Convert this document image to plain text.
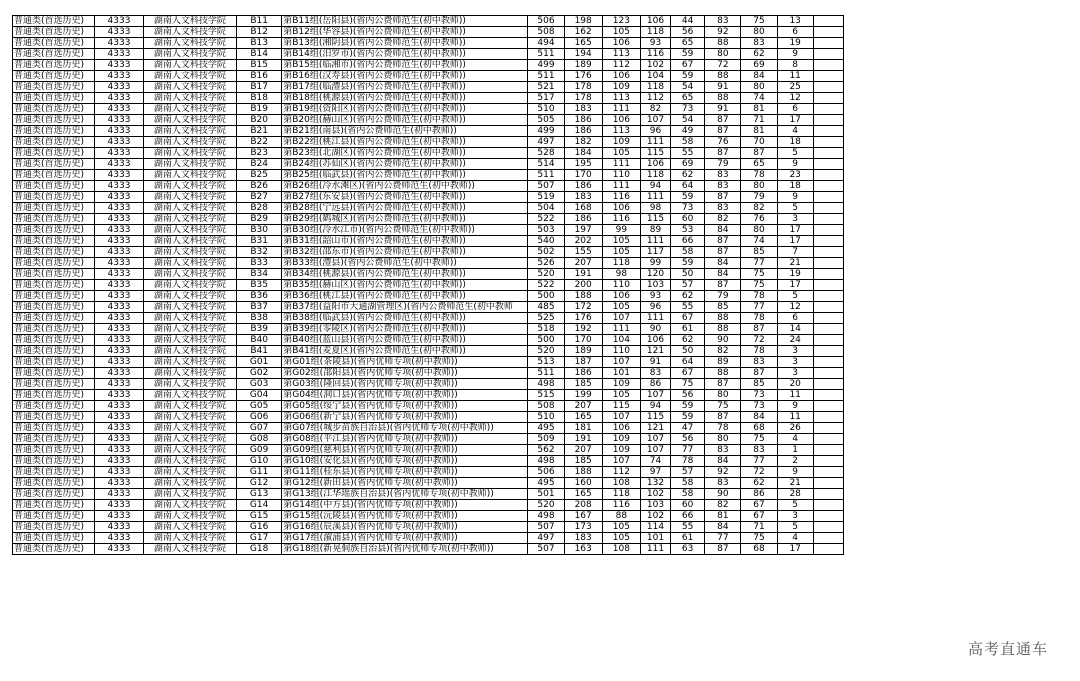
普通类(首选历史)	4333	湖南人文科技学院	B11	第B11组(岳阳县)(省内公费师范生(初中教师))	506	198	123	106	44	83	75	13	
普通类(首选历史)	4333	湖南人文科技学院	B12	第B12组(华容县)(省内公费师范生(初中教师))	508	162	105	118	56	92	80	6	
普通类(首选历史)	4333	湖南人文科技学院	B13	第B13组(湘阴县)(省内公费师范生(初中教师))	494	165	106	93	65	88	83	19	
普通类(首选历史)	4333	湖南人文科技学院	B14	第B14组(汨罗市)(省内公费师范生(初中教师))	511	194	113	116	59	80	62	9	
普通类(首选历史)	4333	湖南人文科技学院	B15	第B15组(临湘市)(省内公费师范生(初中教师))	499	189	112	102	67	72	69	8	
普通类(首选历史)	4333	湖南人文科技学院	B16	第B16组(汉寿县)(省内公费师范生(初中教师))	511	176	106	104	59	88	84	11	
普通类(首选历史)	4333	湖南人文科技学院	B17	第B17组(临澧县)(省内公费师范生(初中教师))	521	178	109	118	54	91	80	25	
普通类(首选历史)	4333	湖南人文科技学院	B18	第B18组(桃源县)(省内公费师范生(初中教师))	517	178	113	112	65	88	74	12	
普通类(首选历史)	4333	湖南人文科技学院	B19	第B19组(资阳区)(省内公费师范生(初中教师))	510	183	111	82	73	91	81	6	
普通类(首选历史)	4333	湖南人文科技学院	B20	第B20组(赫山区)(省内公费师范生(初中教师))	505	186	106	107	54	87	71	17	
普通类(首选历史)	4333	湖南人文科技学院	B21	第B21组(南县)(省内公费师范生(初中教师))	499	186	113	96	49	87	81	4	
普通类(首选历史)	4333	湖南人文科技学院	B22	第B22组(桃江县)(省内公费师范生(初中教师))	497	182	109	111	58	76	70	18	
普通类(首选历史)	4333	湖南人文科技学院	B23	第B23组(北湖区)(省内公费师范生(初中教师))	528	184	105	115	55	87	87	5	
普通类(首选历史)	4333	湖南人文科技学院	B24	第B24组(苏仙区)(省内公费师范生(初中教师))	514	195	111	106	69	79	65	9	
普通类(首选历史)	4333	湖南人文科技学院	B25	第B25组(临武县)(省内公费师范生(初中教师))	511	170	110	118	62	83	78	23	
普通类(首选历史)	4333	湖南人文科技学院	B26	第B26组(冷水滩区)(省内公费师范生(初中教师))	507	186	111	94	64	83	80	18	
普通类(首选历史)	4333	湖南人文科技学院	B27	第B27组(东安县)(省内公费师范生(初中教师))	519	183	116	111	59	87	79	9	
普通类(首选历史)	4333	湖南人文科技学院	B28	第B28组(宁远县)(省内公费师范生(初中教师))	504	168	106	98	73	83	82	5	
普通类(首选历史)	4333	湖南人文科技学院	B29	第B29组(鹤城区)(省内公费师范生(初中教师))	522	186	116	115	60	82	76	3	
普通类(首选历史)	4333	湖南人文科技学院	B30	第B30组(冷水江市)(省内公费师范生(初中教师))	503	197	99	89	53	84	80	17	
普通类(首选历史)	4333	湖南人文科技学院	B31	第B31组(韶山市)(省内公费师范生(初中教师))	540	202	105	111	66	87	74	17	
普通类(首选历史)	4333	湖南人文科技学院	B32	第B32组(邵东市)(省内公费师范生(初中教师))	502	155	105	117	58	87	85	7	
普通类(首选历史)	4333	湖南人文科技学院	B33	第B33组(澧县)(省内公费师范生(初中教师))	526	207	118	99	59	84	77	21	
普通类(首选历史)	4333	湖南人文科技学院	B34	第B34组(桃源县)(省内公费师范生(初中教师))	520	191	98	120	50	84	75	19	
普通类(首选历史)	4333	湖南人文科技学院	B35	第B35组(赫山区)(省内公费师范生(初中教师))	522	200	110	103	57	87	75	17	
普通类(首选历史)	4333	湖南人文科技学院	B36	第B36组(桃江县)(省内公费师范生(初中教师))	500	188	106	93	62	79	78	5	
普通类(首选历史)	4333	湖南人文科技学院	B37	第B37组(益阳市大通湖管理区)(省内公费师范生(初中教师	485	172	105	96	55	85	77	12	
普通类(首选历史)	4333	湖南人文科技学院	B38	第B38组(临武县)(省内公费师范生(初中教师))	525	176	107	111	67	88	78	6	
普通类(首选历史)	4333	湖南人文科技学院	B39	第B39组(零陵区)(省内公费师范生(初中教师))	518	192	111	90	61	88	87	14	
普通类(首选历史)	4333	湖南人文科技学院	B40	第B40组(蓝山县)(省内公费师范生(初中教师))	500	170	104	106	62	90	72	24	
普通类(首选历史)	4333	湖南人文科技学院	B41	第B41组(麦夏区)(省内公费师范生(初中教师))	520	189	110	121	50	82	78	3	
普通类(首选历史)	4333	湖南人文科技学院	G01	第G01组(茶陵县)(省内优师专项(初中教师))	513	187	107	91	64	89	83	3	
普通类(首选历史)	4333	湖南人文科技学院	G02	第G02组(邵阳县)(省内优师专项(初中教师))	511	186	101	83	67	88	87	3	
普通类(首选历史)	4333	湖南人文科技学院	G03	第G03组(隆回县)(省内优师专项(初中教师))	498	185	109	86	75	87	85	20	
普通类(首选历史)	4333	湖南人文科技学院	G04	第G04组(洞口县)(省内优师专项(初中教师))	515	199	105	107	56	80	73	11	
普通类(首选历史)	4333	湖南人文科技学院	G05	第G05组(绥宁县)(省内优师专项(初中教师))	508	207	115	94	59	75	73	9	
普通类(首选历史)	4333	湖南人文科技学院	G06	第G06组(新宁县)(省内优师专项(初中教师))	510	165	107	115	59	87	84	11	
普通类(首选历史)	4333	湖南人文科技学院	G07	第G07组(城步苗族自治县)(省内优师专项(初中教师))	495	181	106	121	47	78	68	26	
普通类(首选历史)	4333	湖南人文科技学院	G08	第G08组(平江县)(省内优师专项(初中教师))	509	191	109	107	56	80	75	4	
普通类(首选历史)	4333	湖南人文科技学院	G09	第G09组(慈利县)(省内优师专项(初中教师))	562	207	109	107	77	83	83	1	
普通类(首选历史)	4333	湖南人文科技学院	G10	第G10组(安化县)(省内优师专项(初中教师))	498	185	107	74	78	84	77	2	
普通类(首选历史)	4333	湖南人文科技学院	G11	第G11组(桂东县)(省内优师专项(初中教师))	506	188	112	97	57	92	72	9	
普通类(首选历史)	4333	湖南人文科技学院	G12	第G12组(新田县)(省内优师专项(初中教师))	495	160	108	132	58	83	62	21	
普通类(首选历史)	4333	湖南人文科技学院	G13	第G13组(江华瑶族自治县)(省内优师专项(初中教师))	501	165	118	102	58	90	86	28	
普通类(首选历史)	4333	湖南人文科技学院	G14	第G14组(中方县)(省内优师专项(初中教师))	520	208	116	103	60	82	67	5	
普通类(首选历史)	4333	湖南人文科技学院	G15	第G15组(沅陵县)(省内优师专项(初中教师))	498	167	88	102	66	81	67	3	
普通类(首选历史)	4333	湖南人文科技学院	G16	第G16组(辰溪县)(省内优师专项(初中教师))	507	173	105	114	55	84	71	5	
普通类(首选历史)	4333	湖南人文科技学院	G17	第G17组(溆浦县)(省内优师专项(初中教师))	497	183	105	101	61	77	75	4	
普通类(首选历史)	4333	湖南人文科技学院	G18	第G18组(新晃侗族自治县)(省内优师专项(初中教师))	507	163	108	111	63	87	68	17	
高考直通车
